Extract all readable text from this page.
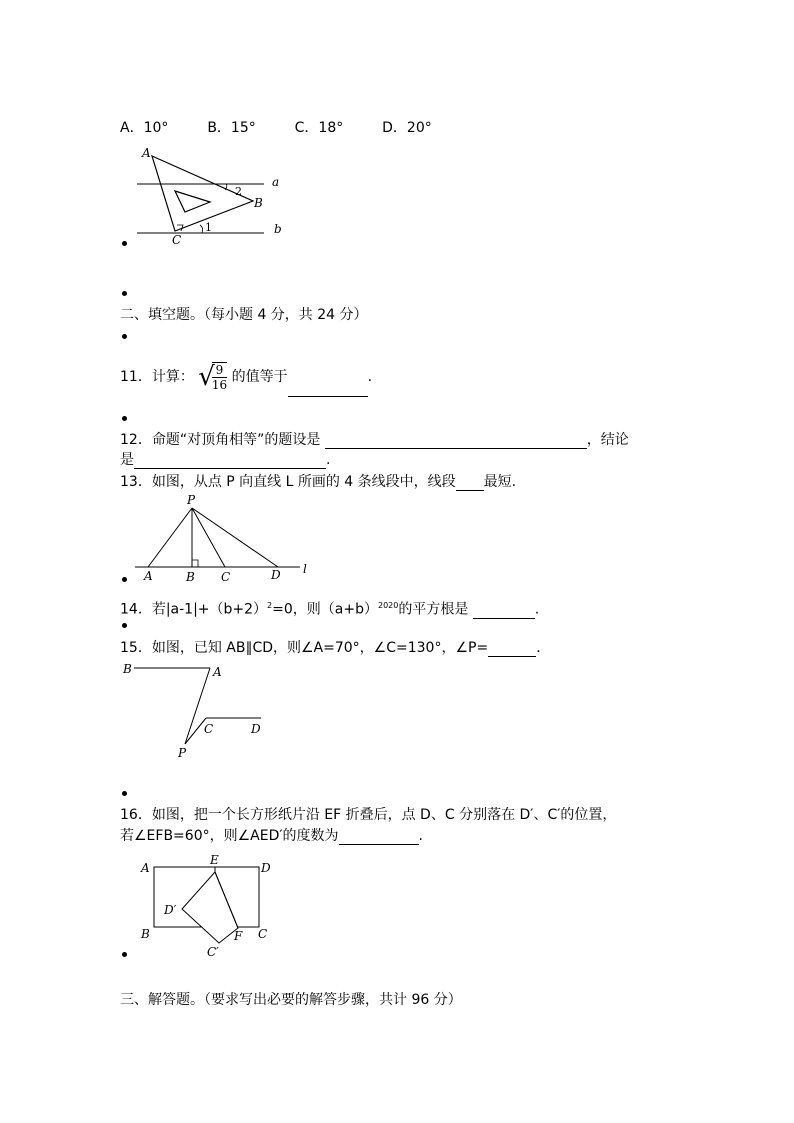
A．10°	B．15°	C．18°	D．20°
A
B
C
a
b
1
2
二、填空题。（每小题 4 分，共 24 分）
11．计算： √
$\frac{9}{16}$ 的值等于	.
12．命题“对顶角相等”的题设是	，结论
是	.
13．如图，从点 P 向直线 L 所画的 4 条线段中，线段 最短.
P
A	B C	D l
14．若$|a-1|+(b+2)^2=0$，则$(a+b)^{2020}$的平方根是	.
15．如图，已知 AB∥CD，则∠A=70°，∠C=130°，∠P=	.
B	A
C	D
P
16．如图，把一个长方形纸片沿 EF 折叠后，点 D、C 分别落在 D′、C′的位置，
若∠EFB=60°，则∠AED′的度数为	.
A
E
D
B	F C
D′
C′
三、解答题。（要求写出必要的解答步骤，共计 96 分）
